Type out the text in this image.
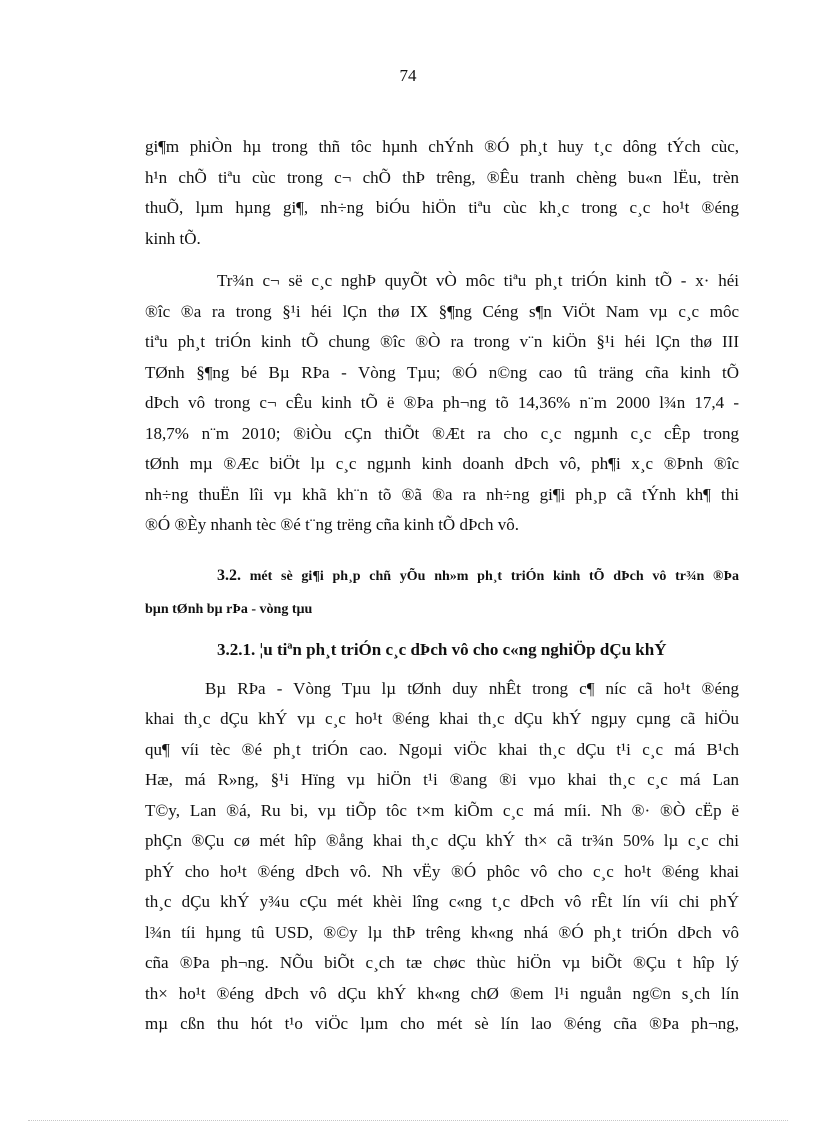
74

gi¶m phiÒn hµ trong thñ tôc hµnh chÝnh ®Ó ph¸t huy t¸c dông tÝch cùc,
h¹n chÕ tiªu cùc trong c¬ chÕ thÞ trêng, ®Êu tranh chèng bu«n lËu, trèn
thuÕ, lµm hµng gi¶, nh÷ng biÓu hiÖn tiªu cùc kh¸c trong c¸c ho¹t ®éng
kinh tÕ.

Tr¾n c¬ së c¸c nghÞ quyÕt vÒ môc tiªu ph¸t triÓn kinh tÕ - x· héi
®îc ®a ra trong §¹i héi lÇn thø IX §¶ng Céng s¶n ViÖt Nam vµ c¸c môc
tiªu ph¸t triÓn kinh tÕ chung ®îc ®Ò ra trong v¨n kiÖn §¹i héi lÇn thø III
TØnh §¶ng bé Bµ RÞa - Vòng Tµu; ®Ó n©ng cao tû träng cña kinh tÕ
dÞch vô trong c¬ cÊu kinh tÕ ë ®Þa ph¬ng tõ 14,36% n¨m 2000 l¾n 17,4 -
18,7% n¨m 2010; ®iÒu cÇn thiÕt ®Æt ra cho c¸c ngµnh c¸c cÊp trong
tØnh mµ ®Æc biÖt lµ c¸c ngµnh kinh doanh dÞch vô, ph¶i x¸c ®Þnh ®îc
nh÷ng thuËn lîi vµ khã kh¨n tõ ®ã ®a ra nh÷ng gi¶i ph¸p cã tÝnh kh¶ thi
®Ó ®Èy nhanh tèc ®é t¨ng trëng cña kinh tÕ dÞch vô.

3.2. mét sè gi¶i ph¸p chñ yÕu nh»m ph¸t triÓn kinh tÕ dÞch vô tr¾n ®Þa
bµn tØnh bµ rÞa - vòng tµu

3.2.1. ¦u tiªn ph¸t triÓn c¸c dÞch vô cho c«ng nghiÖp dÇu khÝ

Bµ RÞa - Vòng Tµu lµ tØnh duy nhÊt trong c¶ níc cã ho¹t ®éng
khai th¸c dÇu khÝ vµ c¸c ho¹t ®éng khai th¸c dÇu khÝ ngµy cµng cã hiÖu
qu¶ víi tèc ®é ph¸t triÓn cao. Ngoµi viÖc khai th¸c dÇu t¹i c¸c má B¹ch
Hæ, má R»ng, §¹i Hïng vµ hiÖn t¹i ®ang ®i vµo khai th¸c c¸c má Lan
T©y, Lan ®á, Ru bi, vµ tiÕp tôc t×m kiÕm c¸c má míi. Nh ®· ®Ò cËp ë
phÇn ®Çu cø mét hîp ®ång khai th¸c dÇu khÝ th× cã tr¾n 50% lµ c¸c chi
phÝ cho ho¹t ®éng dÞch vô. Nh vËy ®Ó phôc vô cho c¸c ho¹t ®éng khai
th¸c dÇu khÝ y¾u cÇu mét khèi lîng c«ng t¸c dÞch vô rÊt lín víi chi phÝ
l¾n tíi hµng tû USD, ®©y lµ thÞ trêng kh«ng nhá ®Ó ph¸t triÓn dÞch vô
cña ®Þa ph¬ng. NÕu biÕt c¸ch tæ chøc thùc hiÖn vµ biÕt ®Çu t hîp lý
th× ho¹t ®éng dÞch vô dÇu khÝ kh«ng chØ ®em l¹i nguån ng©n s¸ch lín
mµ cßn thu hót t¹o viÖc lµm cho mét sè lín lao ®éng cña ®Þa ph¬ng,
